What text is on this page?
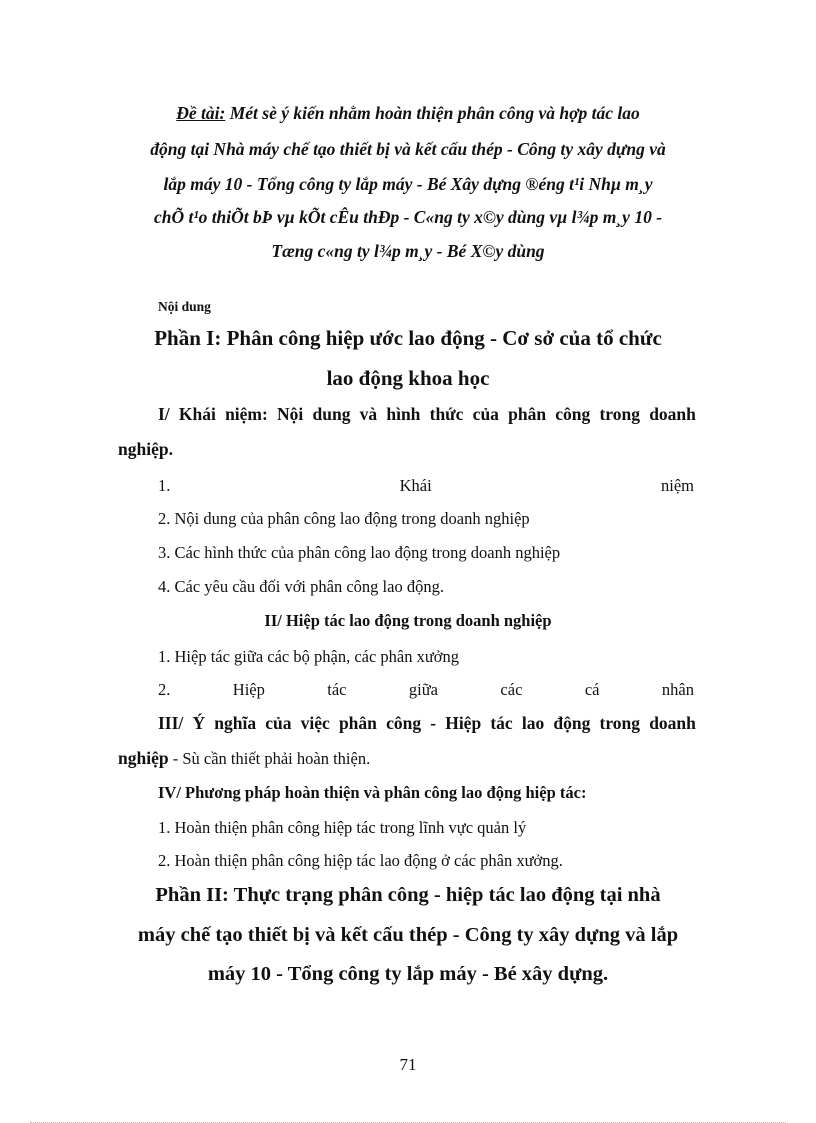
Đề tài: Mét sè ý kiến nhằm hoàn thiện phân công và hợp tác lao
động tại Nhà máy chế tạo thiết bị và kết cấu thép - Công ty xây dựng và
lắp máy 10 - Tổng công ty lắp máy - Bé Xây dựng ®éng t¹i Nhµ m¸y
chÕ t¹o thiÕt bÞ vµ kÕt cÊu thÐp - C«ng ty x©y dùng vµ l¾p m¸y 10 -
Tæng c«ng ty l¾p m¸y - Bé X©y dùng
Nội dung
Phần I: Phân công hiệp ước lao động - Cơ sở của tổ chức
lao động khoa học
I/ Khái niệm: Nội dung và hình thức của phân công trong doanh
nghiệp.
1.	Khái	niệm
2. Nội dung của phân công lao động trong doanh nghiệp
3. Các hình thức của phân công lao động trong doanh nghiệp
4. Các yêu cầu đối với phân công lao động.
II/ Hiệp tác lao động trong doanh nghiệp
1. Hiệp tác giữa các bộ phận, các phân xưởng
2.	Hiệp	tác	giữa	các	cá	nhân
III/ Ý nghĩa của việc phân công - Hiệp tác lao động trong doanh
nghiệp - Sù cần thiết phải hoàn thiện.
IV/ Phương pháp hoàn thiện và phân công lao động hiệp tác:
1. Hoàn thiện phân công hiệp tác trong lĩnh vực quản lý
2. Hoàn thiện phân công hiệp tác lao động ở các phân xưởng.
Phần II: Thực trạng phân công - hiệp tác lao động tại nhà
máy chế tạo thiết bị và kết cấu thép - Công ty xây dựng và lắp
máy 10 - Tổng công ty lắp máy - Bé xây dựng.
71
